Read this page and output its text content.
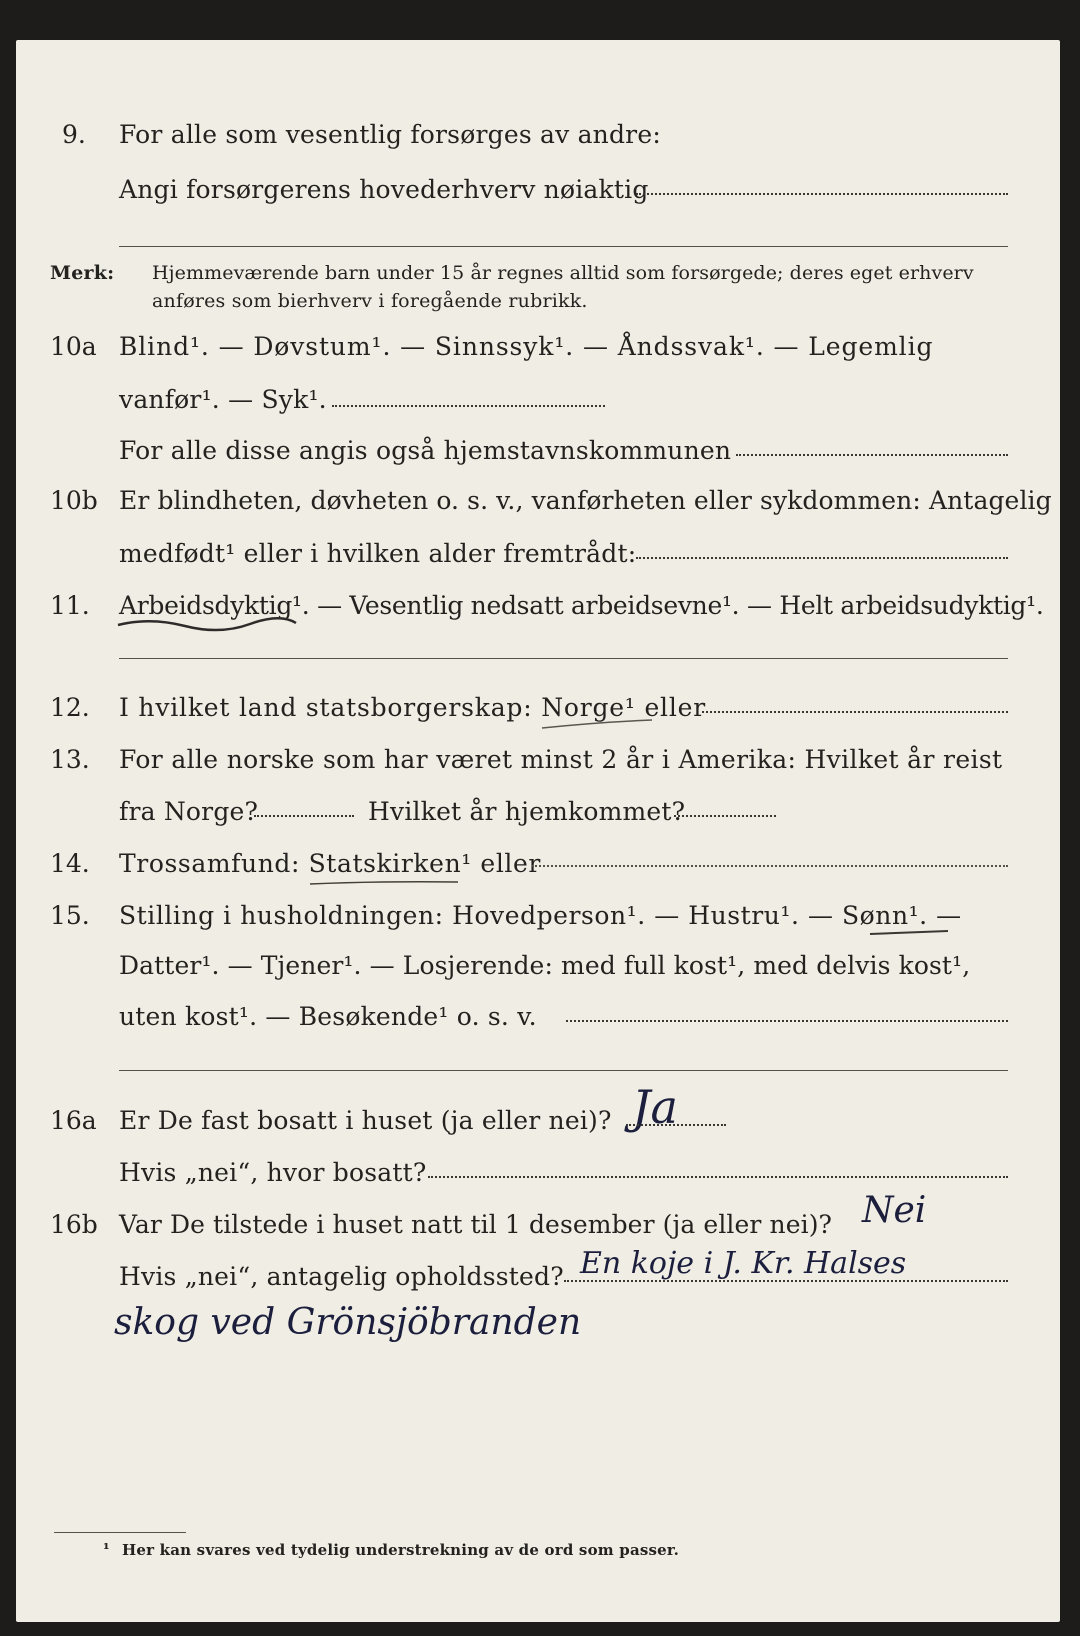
9. For alle som vesentlig forsørges av andre:
Angi forsørgerens hovederhverv nøiaktig
Merk: Hjemmeværende barn under 15 år regnes alltid som forsørgede; deres eget erhverv
anføres som bierhverv i foregående rubrikk.
10a Blind¹. — Døvstum¹. — Sinnssyk¹. — Åndssvak¹. — Legemlig
vanfør¹. — Syk¹.
For alle disse angis også hjemstavnskommunen
10b Er blindheten, døvheten o. s. v., vanførheten eller sykdommen: Antagelig
medfødt¹ eller i hvilken alder fremtrådt:
11. Arbeidsdyktig¹. — Vesentlig nedsatt arbeidsevne¹. — Helt arbeidsudyktig¹.
12. I hvilket land statsborgerskap: Norge¹ eller
13. For alle norske som har været minst 2 år i Amerika: Hvilket år reist
fra Norge?	Hvilket år hjemkommet?
14. Trossamfund: Statskirken¹ eller
15. Stilling i husholdningen: Hovedperson¹. — Hustru¹. — Sønn¹. —
Datter¹. — Tjener¹. — Losjerende: med full kost¹, med delvis kost¹,
uten kost¹. — Besøkende¹ o. s. v.
16a Er De fast bosatt i huset (ja eller nei)? Ja
Hvis „nei“, hvor bosatt?
16b Var De tilstede i huset natt til 1 desember (ja eller nei)? Nei
Hvis „nei“, antagelig opholdssted? En koje i J. Kr. Halses
skog ved Grönsjöbranden
¹ Her kan svares ved tydelig understrekning av de ord som passer.
